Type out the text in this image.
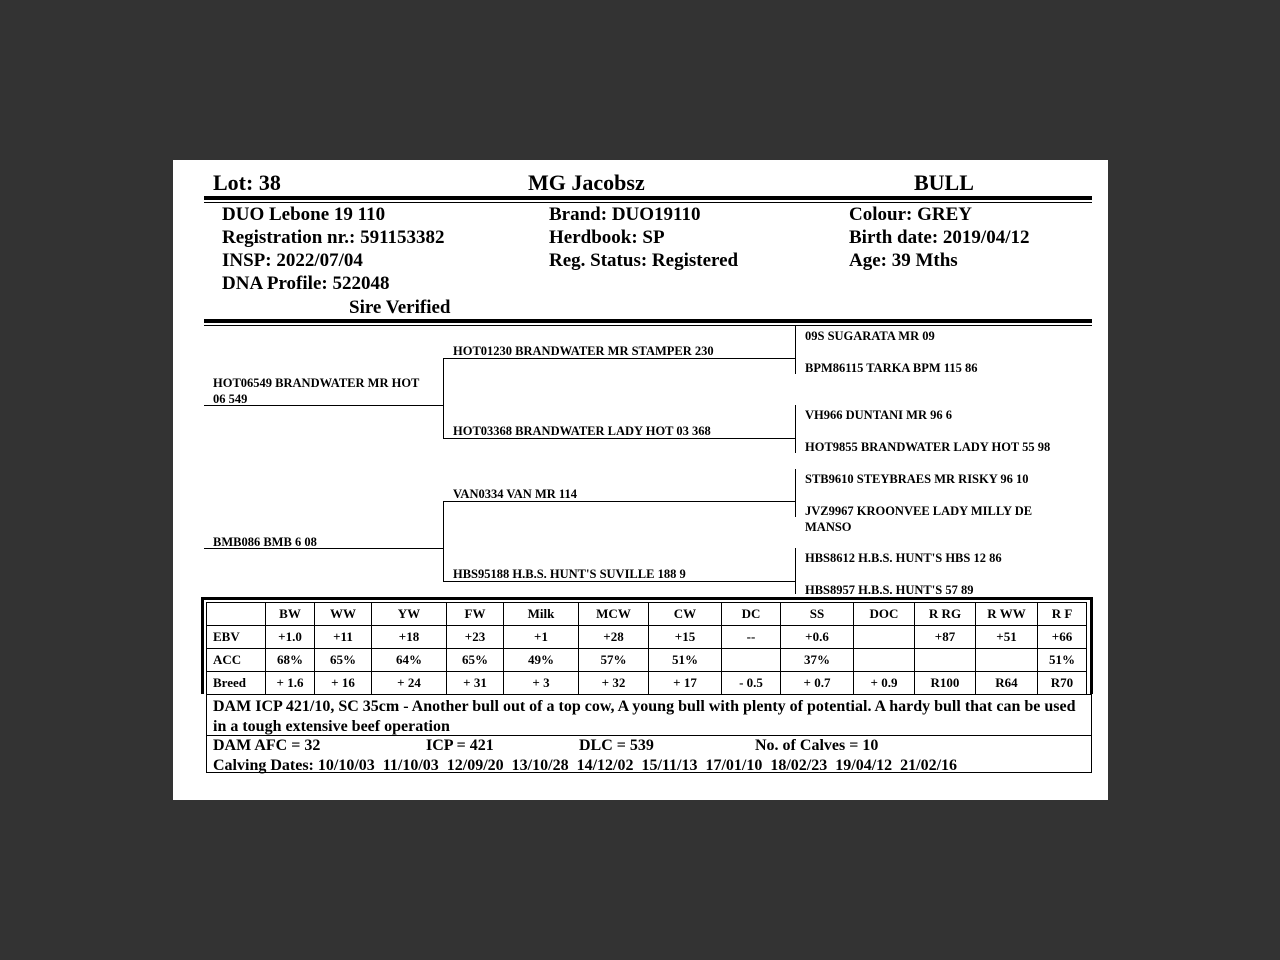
Lot: 38	MG Jacobsz	BULL
DUO Lebone 19 110
Registration nr.: 591153382
INSP: 2022/07/04
DNA Profile: 522048
Sire Verified
Brand: DUO19110
Herdbook: SP
Reg. Status: Registered
Colour: GREY
Birth date: 2019/04/12
Age: 39 Mths
HOT06549 BRANDWATER MR HOT 06 549
BMB086 BMB 6 08
HOT01230 BRANDWATER MR STAMPER 230
HOT03368 BRANDWATER LADY HOT 03 368
VAN0334 VAN MR 114
HBS95188 H.B.S. HUNT'S SUVILLE 188 9
09S SUGARATA MR 09
BPM86115 TARKA BPM 115 86
VH966 DUNTANI MR 96 6
HOT9855 BRANDWATER LADY HOT 55 98
STB9610 STEYBRAES MR RISKY 96 10
JVZ9967 KROONVEE LADY MILLY DE MANSO
HBS8612 H.B.S. HUNT'S HBS 12 86
HBS8957 H.B.S. HUNT'S 57 89
	BW	WW	YW	FW	Milk	MCW	CW	DC	SS	DOC	R RG	R WW	R F
EBV	+1.0	+11	+18	+23	+1	+28	+15	--	+0.6		+87	+51	+66
ACC	68%	65%	64%	65%	49%	57%	51%		37%				51%
Breed	+ 1.6	+ 16	+ 24	+ 31	+ 3	+ 32	+ 17	- 0.5	+ 0.7	+ 0.9	R100	R64	R70
DAM ICP 421/10, SC 35cm - Another bull out of a top cow, A young bull with plenty of potential. A hardy bull that can be used in a tough extensive beef operation
DAM AFC = 32	ICP = 421	DLC = 539	No. of Calves = 10
Calving Dates: 10/10/03  11/10/03  12/09/20  13/10/28  14/12/02  15/11/13  17/01/10  18/02/23  19/04/12  21/02/16
